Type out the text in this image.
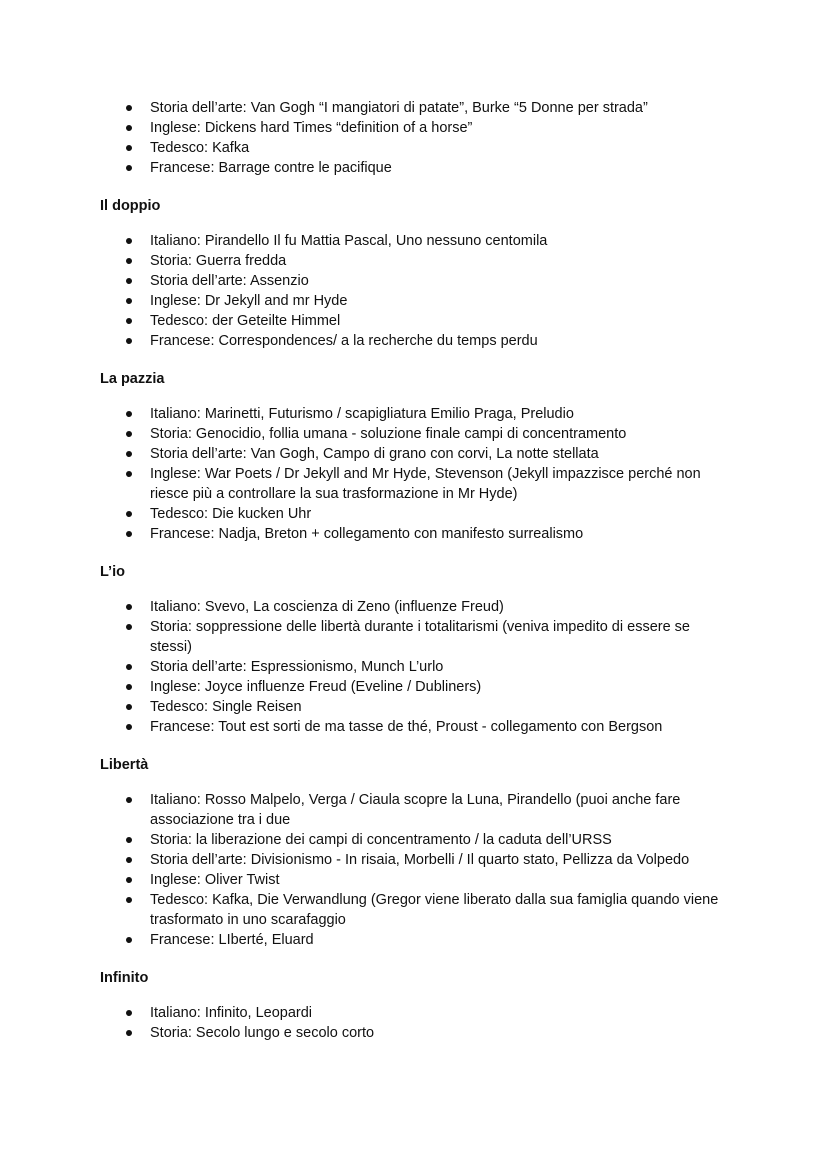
Storia dell’arte: Van Gogh “I mangiatori di patate”, Burke “5 Donne per strada”
Inglese: Dickens hard Times “definition of a horse”
Tedesco: Kafka
Francese: Barrage contre le pacifique
Il doppio
Italiano: Pirandello Il fu Mattia Pascal, Uno nessuno centomila
Storia: Guerra fredda
Storia dell’arte: Assenzio
Inglese: Dr Jekyll and mr Hyde
Tedesco: der Geteilte Himmel
Francese: Correspondences/ a la recherche du temps perdu
La pazzia
Italiano: Marinetti, Futurismo / scapigliatura Emilio Praga, Preludio
Storia: Genocidio, follia umana - soluzione finale campi di concentramento
Storia dell’arte: Van Gogh, Campo di grano con corvi, La notte stellata
Inglese: War Poets / Dr Jekyll and Mr Hyde, Stevenson (Jekyll impazzisce perché non riesce più a controllare la sua trasformazione in Mr Hyde)
Tedesco: Die kucken Uhr
Francese: Nadja, Breton + collegamento con manifesto surrealismo
L’io
Italiano: Svevo, La coscienza di Zeno (influenze Freud)
Storia: soppressione delle libertà durante i totalitarismi (veniva impedito di essere se stessi)
Storia dell’arte: Espressionismo, Munch L’urlo
Inglese: Joyce influenze Freud (Eveline / Dubliners)
Tedesco: Single Reisen
Francese: Tout est sorti de ma tasse de thé, Proust - collegamento con Bergson
Libertà
Italiano: Rosso Malpelo, Verga / Ciaula scopre la Luna, Pirandello (puoi anche fare associazione tra i due
Storia: la liberazione dei campi di concentramento / la caduta dell’URSS
Storia dell’arte: Divisionismo - In risaia, Morbelli / Il quarto stato, Pellizza da Volpedo
Inglese: Oliver Twist
Tedesco: Kafka, Die Verwandlung (Gregor viene liberato dalla sua famiglia quando viene trasformato in uno scarafaggio
Francese: LIberté, Eluard
Infinito
Italiano: Infinito, Leopardi
Storia: Secolo lungo e secolo corto
